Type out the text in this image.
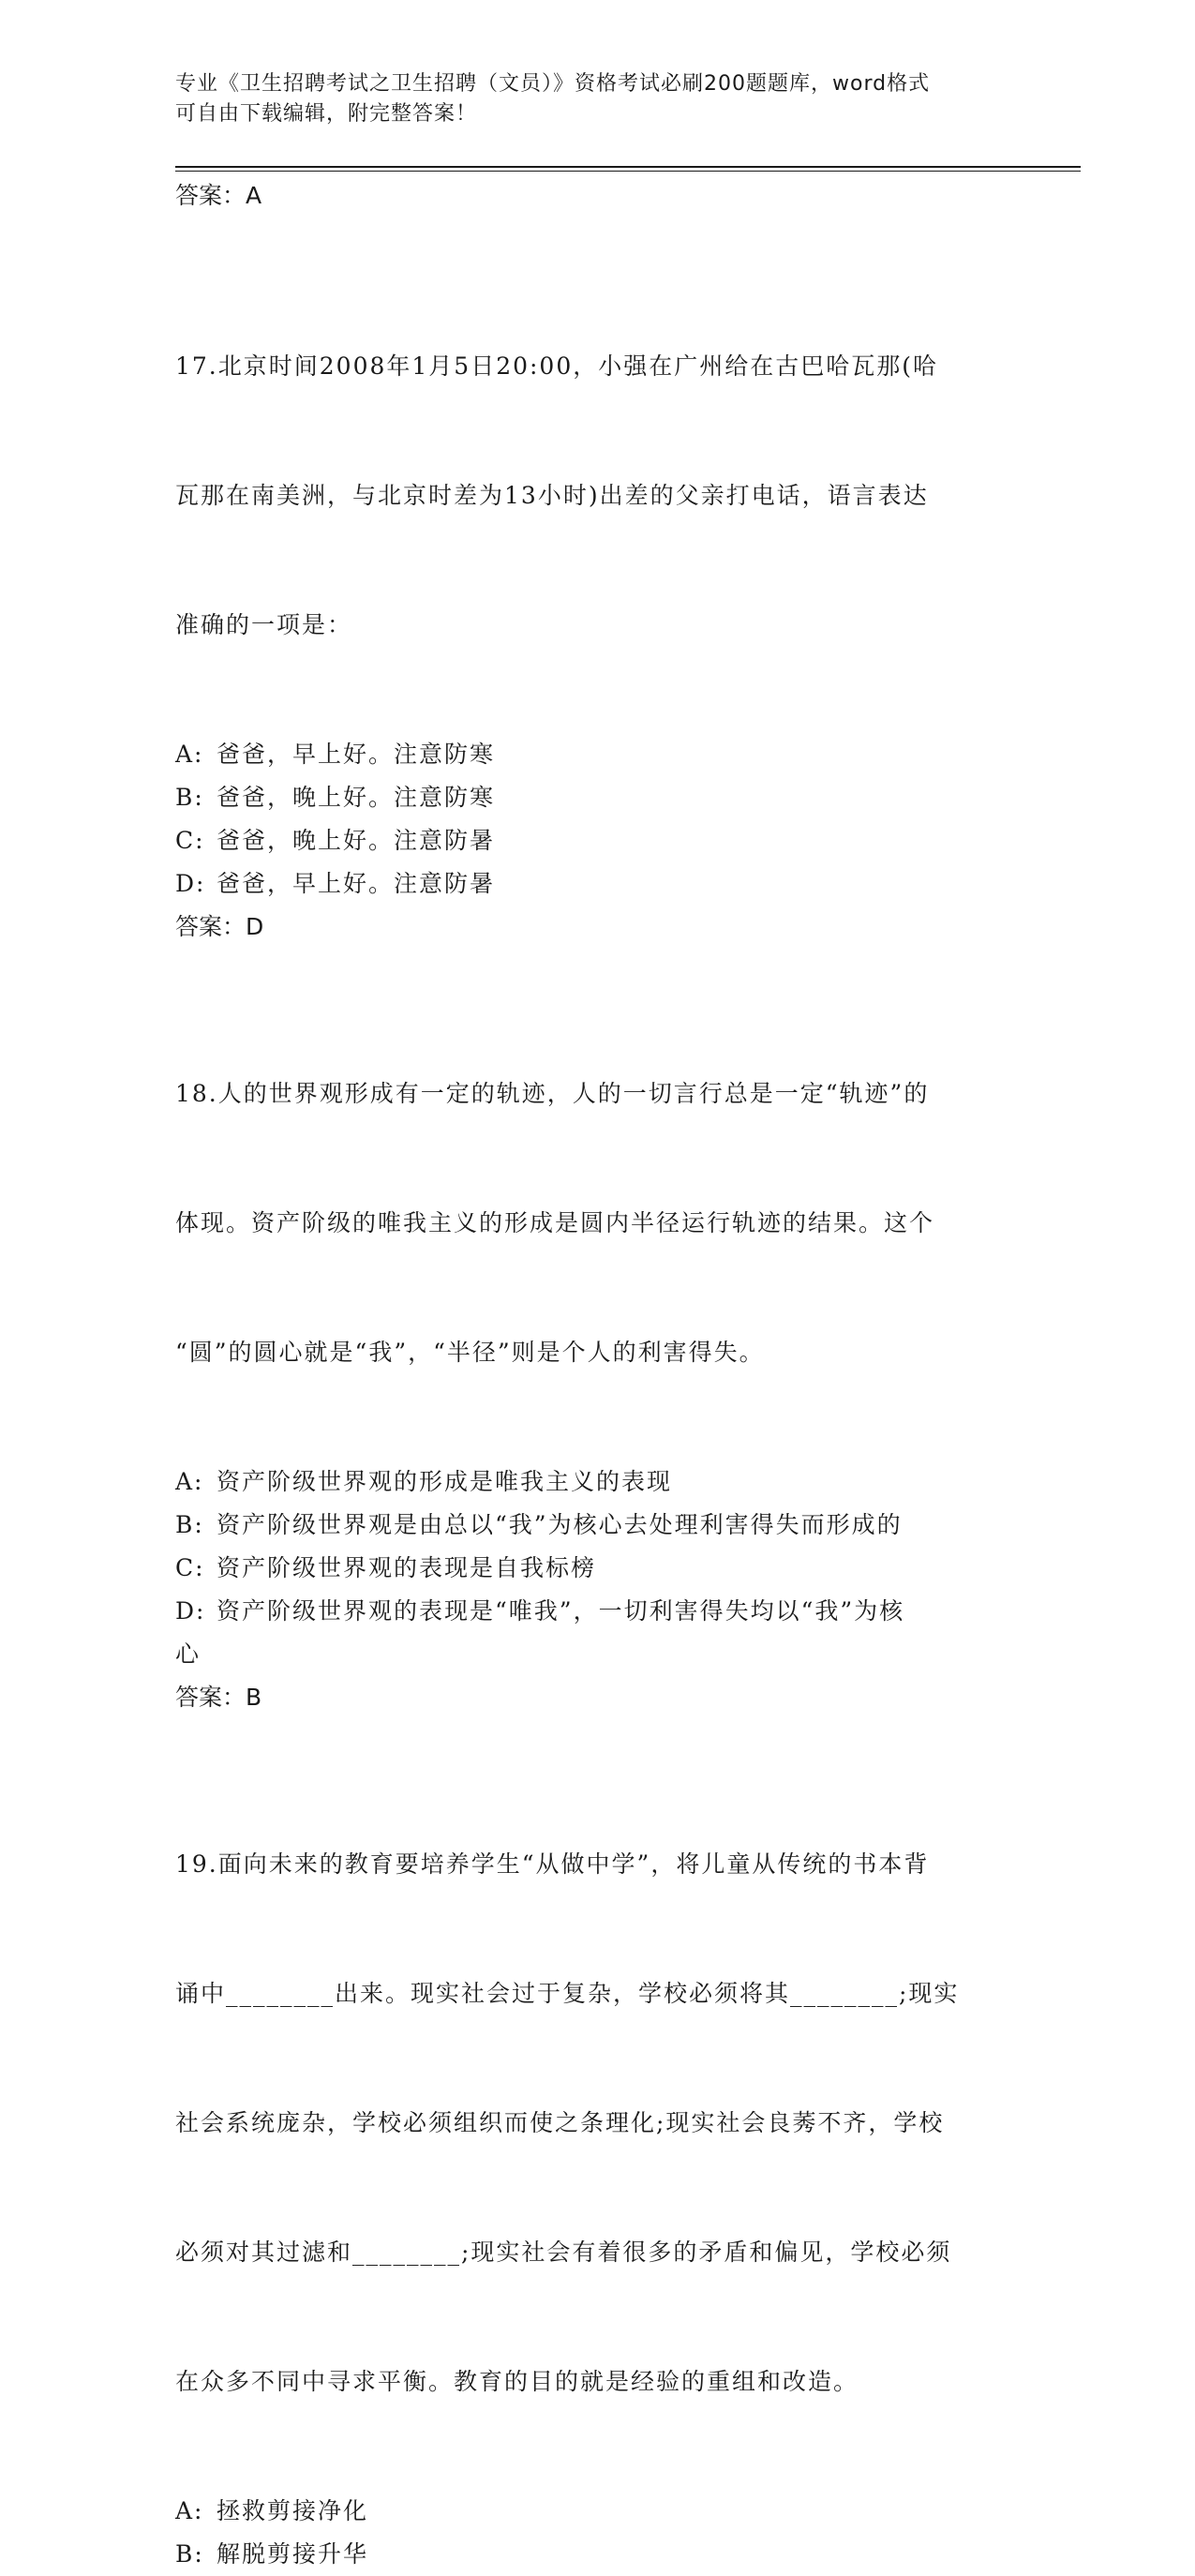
专业《卫生招聘考试之卫生招聘（文员）》资格考试必刷200题题库，word格式
可自由下载编辑，附完整答案！

答案：A

17.北京时间2008年1月5日20:00，小强在广州给在古巴哈瓦那(哈

瓦那在南美洲，与北京时差为13小时)出差的父亲打电话，语言表达

准确的一项是：

A: 爸爸，早上好。注意防寒

B: 爸爸，晚上好。注意防寒

C: 爸爸，晚上好。注意防暑

D: 爸爸，早上好。注意防暑

答案：D

18.人的世界观形成有一定的轨迹，人的一切言行总是一定“轨迹”的

体现。资产阶级的唯我主义的形成是圆内半径运行轨迹的结果。这个

“圆”的圆心就是“我”，“半径”则是个人的利害得失。

A: 资产阶级世界观的形成是唯我主义的表现

B: 资产阶级世界观是由总以“我”为核心去处理利害得失而形成的

C: 资产阶级世界观的表现是自我标榜

D: 资产阶级世界观的表现是“唯我”，一切利害得失均以“我”为核

心

答案：B

19.面向未来的教育要培养学生“从做中学”，将儿童从传统的书本背

诵中________出来。现实社会过于复杂，学校必须将其________;现实

社会系统庞杂，学校必须组织而使之条理化;现实社会良莠不齐，学校

必须对其过滤和________;现实社会有着很多的矛盾和偏见，学校必须

在众多不同中寻求平衡。教育的目的就是经验的重组和改造。

A: 拯救剪接净化

B: 解脱剪接升华
